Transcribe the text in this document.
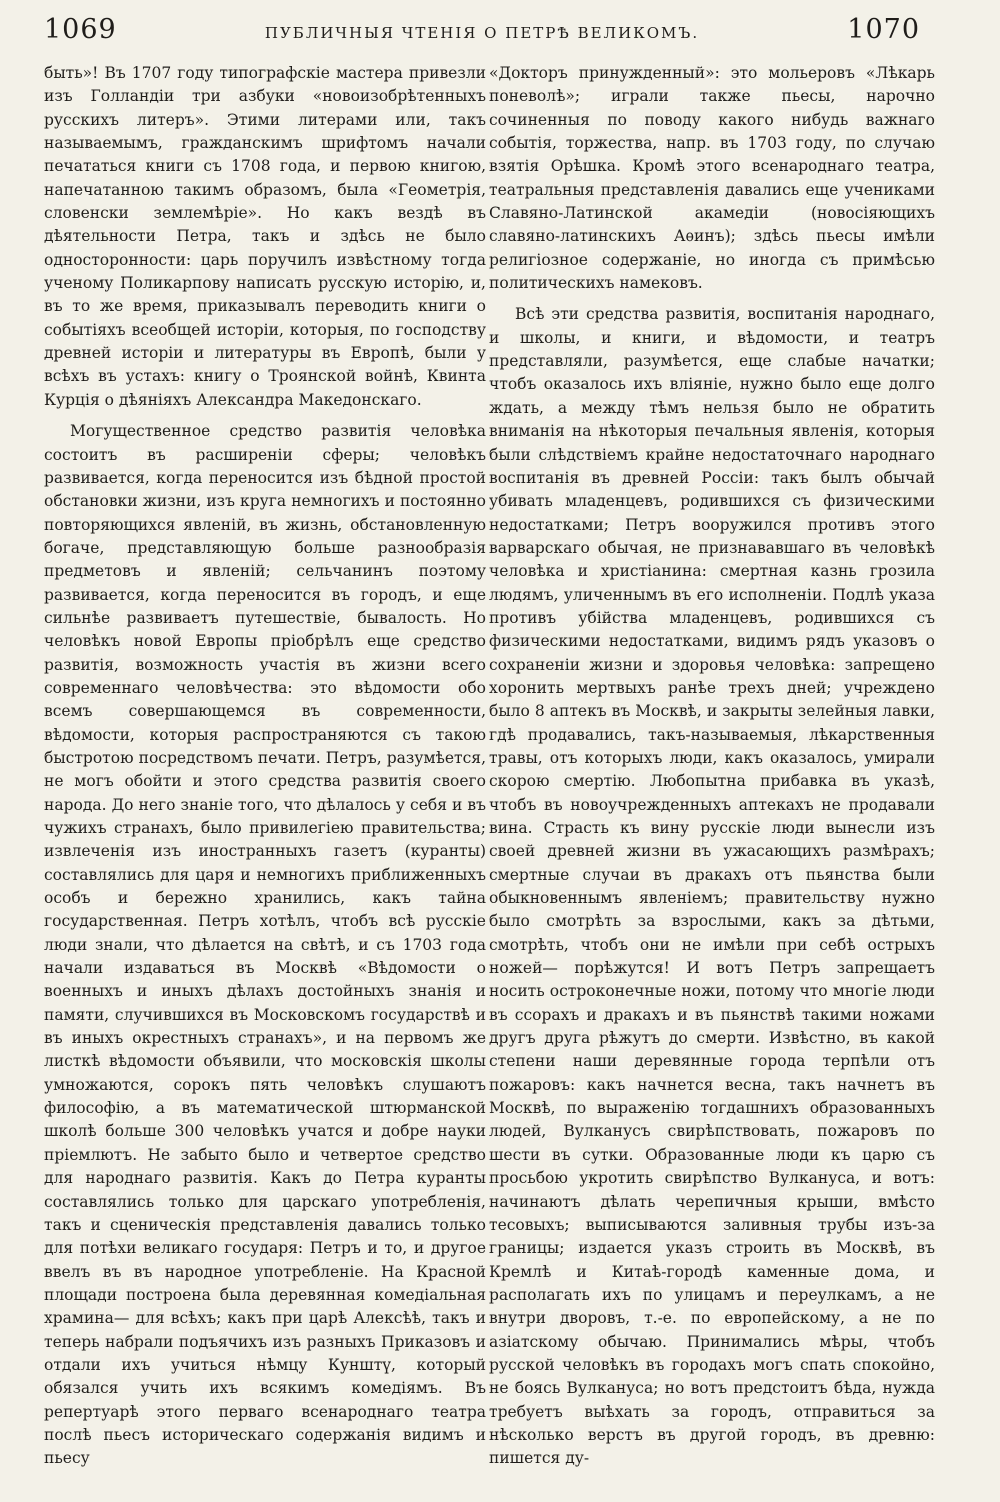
1069	ПУБЛИЧНЫЯ ЧТЕНІЯ О ПЕТРѢ ВЕЛИКОМЪ.	1070

быть»! Въ 1707 году типографскіе мастера привезли изъ Голландіи три азбуки «новоизобрѣтенныхъ русскихъ литеръ». Этими литерами или, такъ называемымъ, гражданскимъ шрифтомъ начали печататься книги съ 1708 года, и первою книгою, напечатанною такимъ образомъ, была «Геометрія, словенски землемѣріе». Но какъ вездѣ въ дѣятельности Петра, такъ и здѣсь не было односторонности: царь поручилъ извѣстному тогда ученому Поликарпову написать русскую исторію, и, въ то же время, приказывалъ переводить книги о событіяхъ всеобщей исторіи, которыя, по господству древней исторіи и литературы въ Европѣ, были у всѣхъ въ устахъ: книгу о Троянской войнѣ, Квинта Курція о дѣяніяхъ Александра Македонскаго.

Могущественное средство развитія человѣка состоитъ въ расширеніи сферы; человѣкъ развивается, когда переносится изъ бѣдной простой обстановки жизни, изъ круга немногихъ и постоянно повторяющихся явленій, въ жизнь, обстановленную богаче, представляющую больше разнообразія предметовъ и явленій; сельчанинъ поэтому развивается, когда переносится въ городъ, и еще сильнѣе развиваетъ путешествіе, бывалость. Но человѣкъ новой Европы пріобрѣлъ еще средство развитія, возможность участія въ жизни всего современнаго человѣчества: это вѣдомости обо всемъ совершающемся въ современности, вѣдомости, которыя распространяются съ такою быстротою посредствомъ печати. Петръ, разумѣется, не могъ обойти и этого средства развитія своего народа. До него знаніе того, что дѣлалось у себя и въ чужихъ странахъ, было привилегіею правительства; извлеченія изъ иностранныхъ газетъ (куранты) составлялись для царя и немногихъ приближенныхъ особъ и бережно хранились, какъ тайна государственная. Петръ хотѣлъ, чтобъ всѣ русскіе люди знали, что дѣлается на свѣтѣ, и съ 1703 года начали издаваться въ Москвѣ «Вѣдомости о военныхъ и иныхъ дѣлахъ достойныхъ знанія и памяти, случившихся въ Московскомъ государствѣ и въ иныхъ окрестныхъ странахъ», и на первомъ же листкѣ вѣдомости объявили, что московскія школы умножаются, сорокъ пять человѣкъ слушаютъ философію, а въ математической штюрманской школѣ больше 300 человѣкъ учатся и добре науки пріемлютъ. Не забыто было и четвертое средство для народнаго развитія. Какъ до Петра куранты составлялись только для царскаго употребленія, такъ и сценическія представленія давались только для потѣхи великаго государя: Петръ и то, и другое ввелъ въ въ народное употребленіе. На Красной площади построена была деревянная комедіальная храмина— для всѣхъ; какъ при царѣ Алексѣѣ, такъ и теперь набрали подъячихъ изъ разныхъ Приказовъ и отдали ихъ учиться нѣмцу Кунштү, который обязался учить ихъ всякимъ комедіямъ. Въ репертуарѣ этого перваго всенароднаго театра послѣ пьесъ историческаго содержанія видимъ и пьесу

«Докторъ принужденный»: это мольеровъ «Лѣкарь поневолѣ»; играли также пьесы, нарочно сочиненныя по поводу какого нибудь важнаго событія, торжества, напр. въ 1703 году, по случаю взятія Орѣшка. Кромѣ этого всенароднаго театра, театральныя представленія давались еще учениками Славяно-Латинской акамедіи (новосіяющихъ славяно-латинскихъ Аѳинъ); здѣсь пьесы имѣли религіозное содержаніе, но иногда съ примѣсью политическихъ намековъ.

Всѣ эти средства развитія, воспитанія народнаго, и школы, и книги, и вѣдомости, и театръ представляли, разумѣется, еще слабые начатки; чтобъ оказалось ихъ вліяніе, нужно было еще долго ждать, а между тѣмъ нельзя было не обратить вниманія на нѣкоторыя печальныя явленія, которыя были слѣдствіемъ крайне недостаточнаго народнаго воспитанія въ древней Россіи: такъ былъ обычай убивать младенцевъ, родившихся съ физическими недостатками; Петръ вооружился противъ этого варварскаго обычая, не признававшаго въ человѣкѣ человѣка и христіанина: смертная казнь грозила людямъ, уличеннымъ въ его исполненіи. Подлѣ указа противъ убійства младенцевъ, родившихся съ физическими недостатками, видимъ рядъ указовъ о сохраненіи жизни и здоровья человѣка: запрещено хоронить мертвыхъ ранѣе трехъ дней; учреждено было 8 аптекъ въ Москвѣ, и закрыты зелейныя лавки, гдѣ продавались, такъ-называемыя, лѣкарственныя травы, отъ которыхъ люди, какъ оказалось, умирали скорою смертію. Любопытна прибавка въ указѣ, чтобъ въ новоучрежденныхъ аптекахъ не продавали вина. Страсть къ вину русскіе люди вынесли изъ своей древней жизни въ ужасающихъ размѣрахъ; смертные случаи въ дракахъ отъ пьянства были обыкновеннымъ явленіемъ; правительству нужно было смотрѣть за взрослыми, какъ за дѣтьми, смотрѣть, чтобъ они не имѣли при себѣ острыхъ ножей— порѣжутся! И вотъ Петръ запрещаетъ носить остроконечные ножи, потому что многіе люди въ ссорахъ и дракахъ и въ пьянствѣ такими ножами другъ друга рѣжутъ до смерти. Извѣстно, въ какой степени наши деревянные города терпѣли отъ пожаровъ: какъ начнется весна, такъ начнетъ въ Москвѣ, по выраженію тогдашнихъ образованныхъ людей, Вулканусъ свирѣпствовать, пожаровъ по шести въ сутки. Образованные люди къ царю съ просьбою укротить свирѣпство Вулкануса, и вотъ: начинаютъ дѣлать черепичныя крыши, вмѣсто тесовыхъ; выписываются заливныя трубы изъ-за границы; издается указъ строить въ Москвѣ, въ Кремлѣ и Китаѣ-городѣ каменные дома, и располагать ихъ по улицамъ и переулкамъ, а не внутри дворовъ, т.-е. по европейскому, а не по азіатскому обычаю. Принимались мѣры, чтобъ русской человѣкъ въ городахъ могъ спать спокойно, не боясь Вулкануса; но вотъ предстоитъ бѣда, нужда требуетъ выѣхать за городъ, отправиться за нѣсколько верстъ въ другой городъ, въ древню: пишется ду-
